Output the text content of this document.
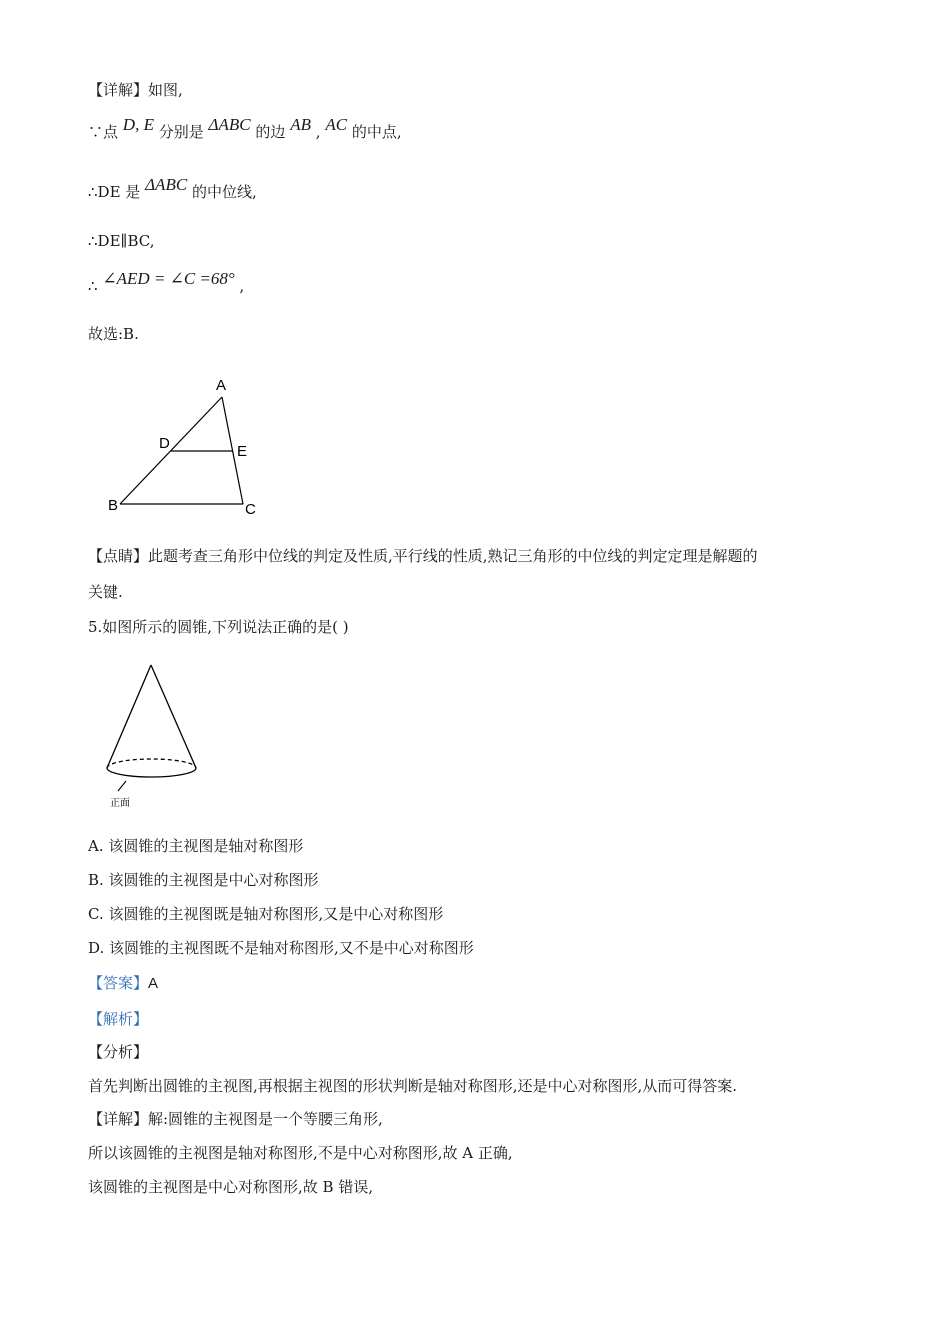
【详解】如图,
∵点 D, E 分别是 ΔABC 的边 AB , AC 的中点,
∴DE 是 ΔABC 的中位线,
∴DE∥BC,
∴ ∠AED = ∠C =68° ,
故选:B.
A
D	E
B	C
【点睛】此题考查三角形中位线的判定及性质,平行线的性质,熟记三角形的中位线的判定定理是解题的
关键.
5.如图所示的圆锥,下列说法正确的是( )
正面
A. 该圆锥的主视图是轴对称图形
B. 该圆锥的主视图是中心对称图形
C. 该圆锥的主视图既是轴对称图形,又是中心对称图形
D. 该圆锥的主视图既不是轴对称图形,又不是中心对称图形
【答案】A
【解析】
【分析】
首先判断出圆锥的主视图,再根据主视图的形状判断是轴对称图形,还是中心对称图形,从而可得答案.
【详解】解:圆锥的主视图是一个等腰三角形,
所以该圆锥的主视图是轴对称图形,不是中心对称图形,故 A 正确,
该圆锥的主视图是中心对称图形,故 B 错误,
